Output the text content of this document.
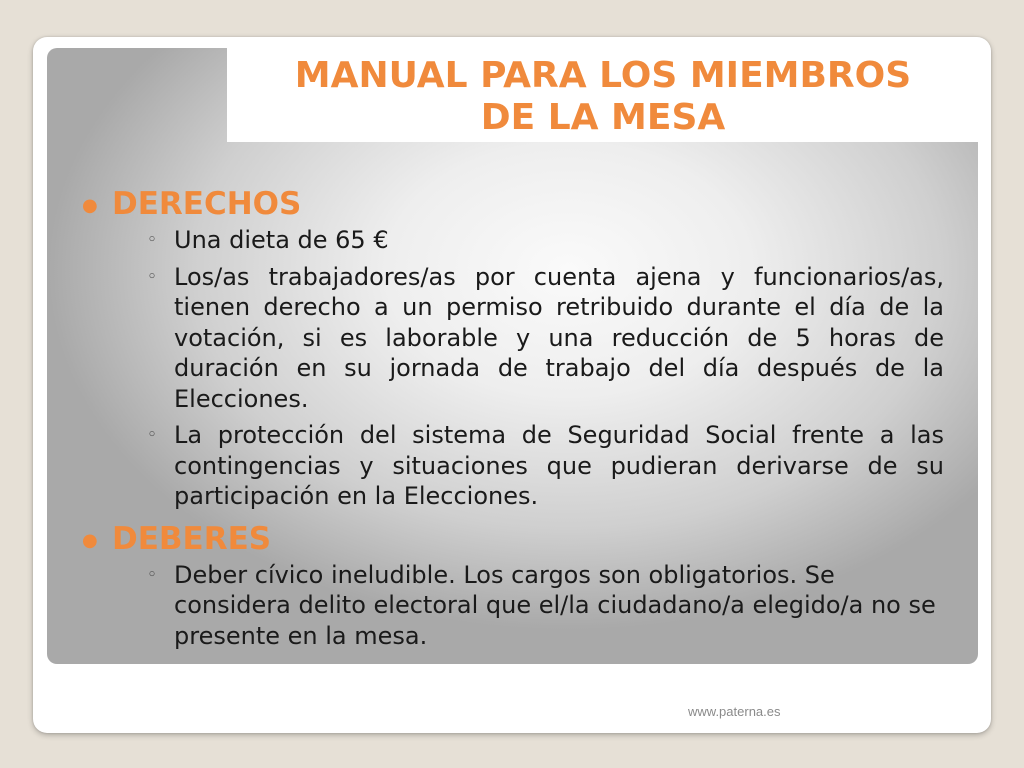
MANUAL PARA LOS MIEMBROS
DE LA MESA
● DERECHOS
◦ Una dieta de 65 €
◦ Los/as trabajadores/as por cuenta ajena y funcionarios/as, tienen derecho a un permiso retribuido durante el día de la votación, si es laborable y una reducción de 5 horas de duración en su jornada de trabajo del día después de la Elecciones.
◦ La protección del sistema de Seguridad Social frente a las contingencias y situaciones que pudieran derivarse de su participación en la Elecciones.
● DEBERES
◦ Deber cívico ineludible. Los cargos son obligatorios. Se considera delito electoral que el/la ciudadano/a elegido/a no se presente en la mesa.
www.paterna.es
